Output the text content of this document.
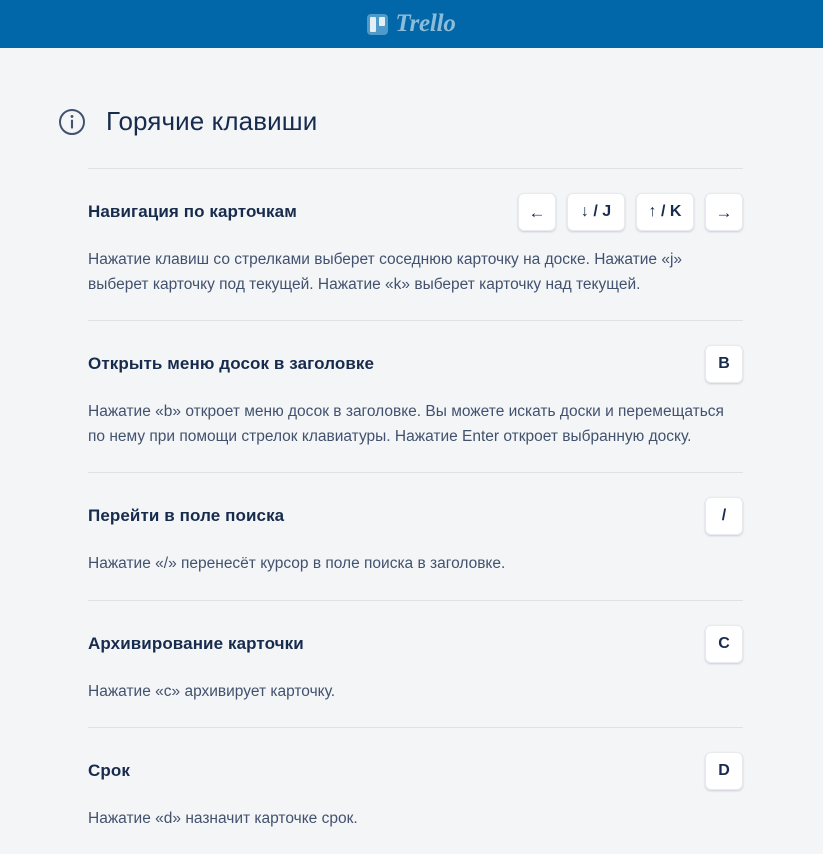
Trello
Горячие клавиши
Навигация по карточкам	←	↓ / J	↑ / K	→

Нажатие клавиш со стрелками выберет соседнюю карточку на доске. Нажатие «j» выберет карточку под текущей. Нажатие «k» выберет карточку над текущей.

Открыть меню досок в заголовке	B

Нажатие «b» откроет меню досок в заголовке. Вы можете искать доски и перемещаться по нему при помощи стрелок клавиатуры. Нажатие Enter откроет выбранную доску.

Перейти в поле поиска	/

Нажатие «/» перенесёт курсор в поле поиска в заголовке.

Архивирование карточки	C

Нажатие «c» архивирует карточку.

Срок	D

Нажатие «d» назначит карточке срок.
